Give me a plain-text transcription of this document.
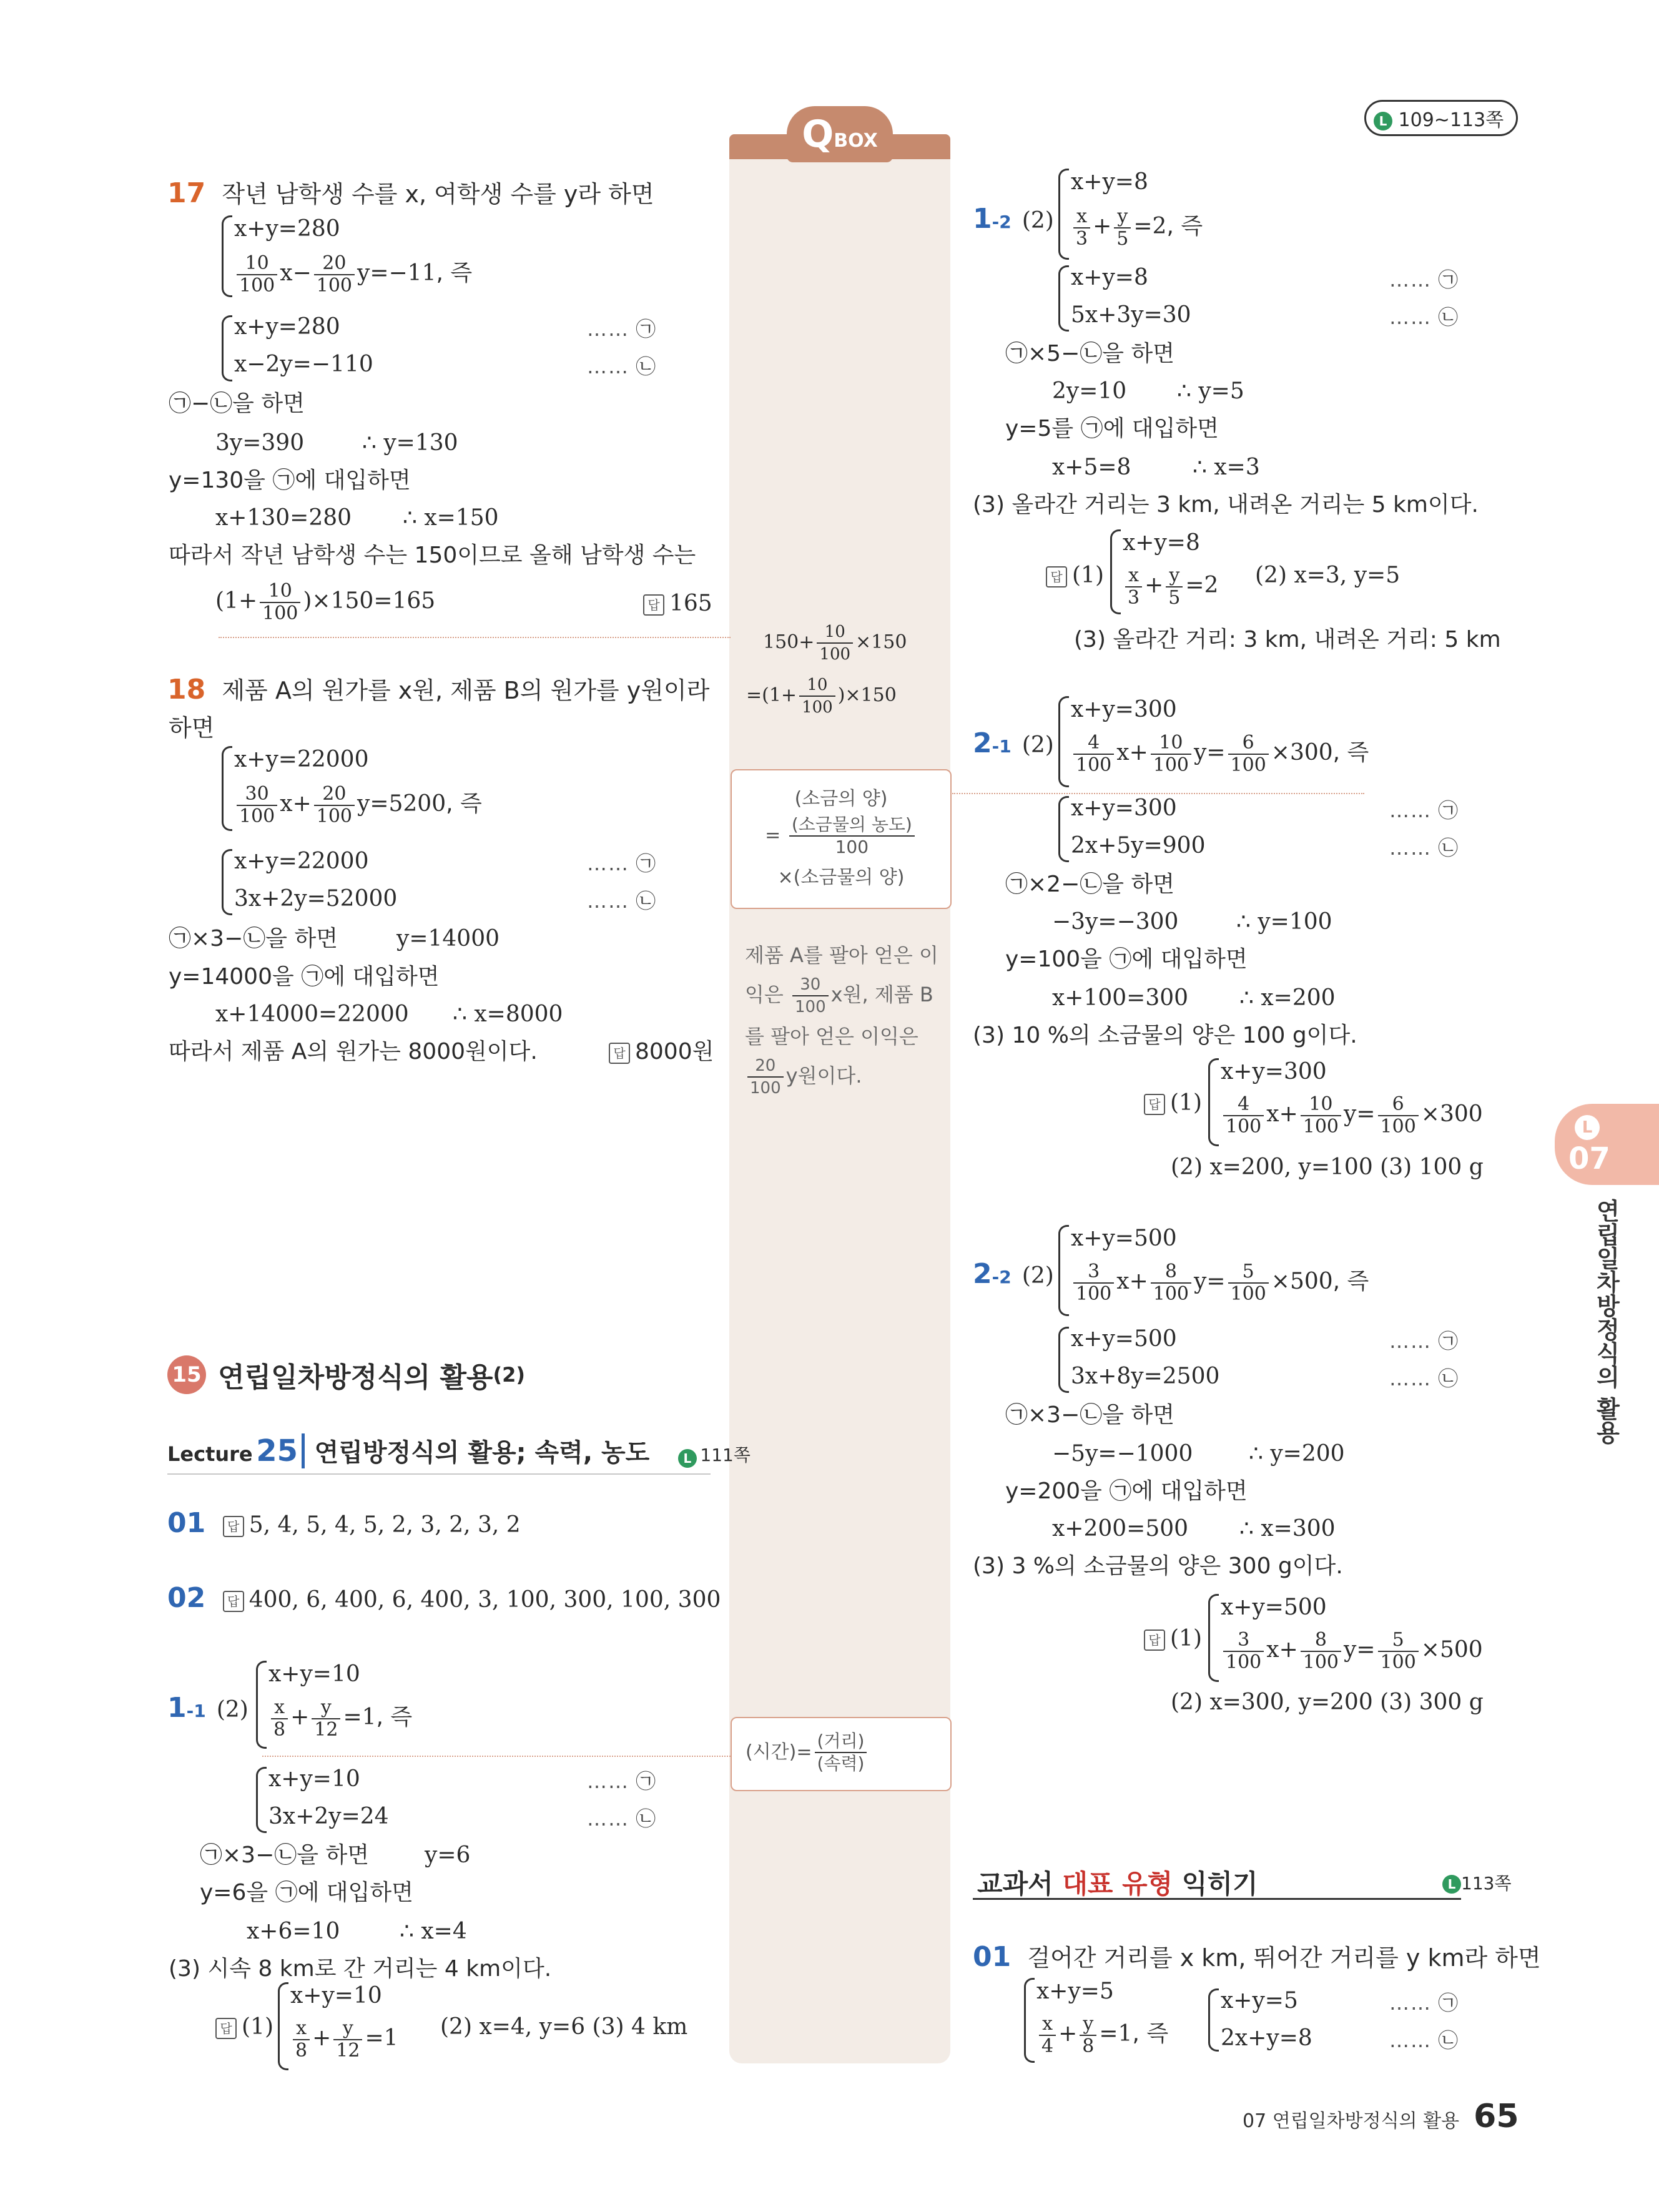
L 109~113쪽
QBOX
17 작년 남학생 수를 x, 여학생 수를 y라 하면
x+y=280
$\frac{10}{100} x- \frac{20}{100} y=-11$, 즉
x+y=280
x−2y=−110
…… ㉠
…… ㉡
㉠−㉡을 하면
3y=390	∴ y=130
y=130을 ㉠에 대입하면
x+130=280 ∴ x=150
따라서 작년 남학생 수는 150이므로 올해 남학생 수는
$(1+ \frac{10}{100} )\times 150=165$	답 165
18 제품 A의 원가를 x원, 제품 B의 원가를 y원이라
하면
x+y=22000
$\frac{30}{100} x+ \frac{20}{100} y=5200$, 즉
x+y=22000
3x+2y=52000
…… ㉠
…… ㉡
㉠×3−㉡을 하면	y=14000
y=14000을 ㉠에 대입하면
x+14000=22000 ∴ x=8000
따라서 제품 A의 원가는 8000원이다.	답 8000원
15 연립일차방정식의 활용(2)
Lecture 25 연립방정식의 활용; 속력, 농도	L 111쪽
01 답 5, 4, 5, 4, 5, 2, 3, 2, 3, 2
02 답 400, 6, 400, 6, 400, 3, 100, 300, 100, 300
1-1 (2)
x+y=10
$\frac{x}{8} + \frac{y}{12} =1$, 즉
x+y=10
3x+2y=24
…… ㉠
…… ㉡
㉠×3−㉡을 하면 y=6
y=6을 ㉠에 대입하면
x+6=10	∴ x=4
(3) 시속 8 km로 간 거리는 4 km이다.
답 (1)
x+y=10
$\frac{x}{8} + \frac{y}{12} =1$ (2) x=4, y=6 (3) 4 km
$150+ \frac{10}{100} \times 150$
$=(1+ \frac{10}{100} )\times 150$
(소금의 양)
= $\frac{\text{(소금물의 농도)}}{100}$
×(소금물의 양)
제품 A를 팔아 얻은 이
익은 $\frac{30}{100}$ x원, 제품 B
를 팔아 얻은 이익은
$\frac{20}{100}$ y원이다.
(시간)= $\frac{\text{(거리)}}{\text{(속력)}}$
1-2 (2)
x+y=8
$\frac{x}{3} + \frac{y}{5} =2$, 즉
x+y=8
5x+3y=30
…… ㉠
…… ㉡
㉠×5−㉡을 하면
2y=10 ∴ y=5
y=5를 ㉠에 대입하면
x+5=8	∴ x=3
(3) 올라간 거리는 3 km, 내려온 거리는 5 km이다.
답 (1)
x+y=8
$\frac{x}{3} + \frac{y}{5} =2$ (2) x=3, y=5
(3) 올라간 거리: 3 km, 내려온 거리: 5 km
2-1 (2)
x+y=300
$\frac{4}{100} x+ \frac{10}{100} y= \frac{6}{100} \times 300$, 즉
x+y=300
2x+5y=900
…… ㉠
…… ㉡
㉠×2−㉡을 하면
−3y=−300	∴ y=100
y=100을 ㉠에 대입하면
x+100=300 ∴ x=200
(3) 10 %의 소금물의 양은 100 g이다.
답 (1)
x+y=300
$\frac{4}{100} x+ \frac{10}{100} y= \frac{6}{100} \times 300$
(2) x=200, y=100 (3) 100 g
2-2 (2)
x+y=500
$\frac{3}{100} x+ \frac{8}{100} y= \frac{5}{100} \times 500$, 즉
x+y=500
3x+8y=2500
…… ㉠
…… ㉡
㉠×3−㉡을 하면
−5y=−1000 ∴ y=200
y=200을 ㉠에 대입하면
x+200=500 ∴ x=300
(3) 3 %의 소금물의 양은 300 g이다.
답 (1)
x+y=500
$\frac{3}{100} x+ \frac{8}{100} y= \frac{5}{100} \times 500$
(2) x=300, y=200 (3) 300 g
교과서 대표 유형 익히기	L 113쪽
01 걸어간 거리를 x km, 뛰어간 거리를 y km라 하면
x+y=5
$\frac{x}{4} + \frac{y}{8} =1$, 즉
x+y=5
2x+y=8
…… ㉠
…… ㉡
L
07
연립일차방정식의 활용
07 연립일차방정식의 활용 65
